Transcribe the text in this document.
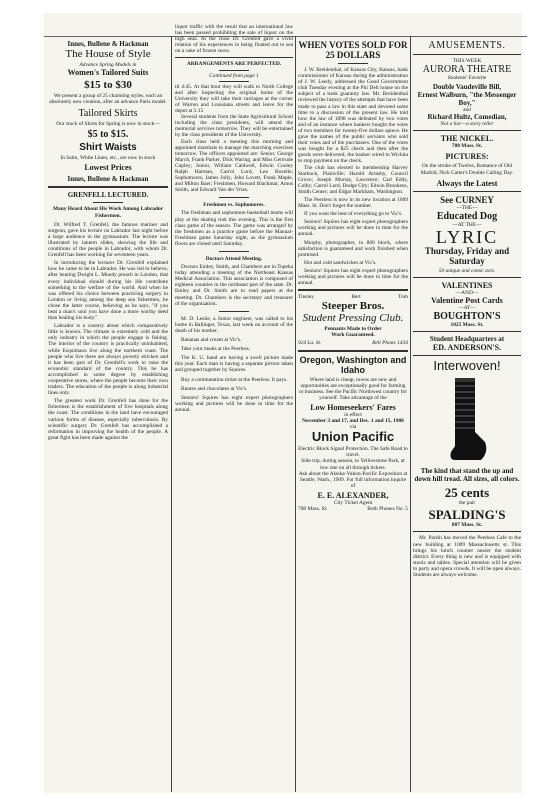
Innes, Bullene & Hackman
The House of Style
Advance Spring Models in
Women's Tailored Suits
$15 to $30

We present a group of 25 charming styles, each an absolutely new creation, after an advance Paris model.

Tailored Skirts

Our stock of Skirts for Spring is now in stock—

$5 to $15.
Shirt Waists

In Satin, White Linen, etc., are now in stock

Lowest Prices
Innes, Bullene & Hackman
GRENFELL LECTURED.
Many Heard About His Work Among Labrador Fishermen.

Dr. Wilfred T. Grenfell, the famous mariner and surgeon, gave his lecture on Labrador last night before a large audience in the gymnasium. The lecture was illustrated by lantern slides, showing the life and conditions of the people in Labrador, with whom Dr. Grenfell has been working for seventeen years.

In introducing the lecturer Dr. Grenfell explained how he came to be in Labrador. He was led to believe, after hearing Dwight L. Moody preach in London, that every individual should during his life contribute something to the welfare of the world. And when he was offered his choice between practicing surgery in London or living among the deep sea fishermen, he chose the latter course, believing as he says, "if you beat a man's soul you have done a more worthy deed than healing his body."

Labrador is a country about which comparatively little is known. The climate is extremely cold and the only industry in which the people engage is fishing. The interior of the country is practically uninhabited, while Esquimaux live along the northern coast. The people who live there are always poverty stricken and it has been part of Dr. Grenfell's work to raise the economic standard of the country. This he has accomplished in some degree by establishing cooperative stores, where the people become their own traders. The education of the people is along industrial lines only.

The greatest work Dr. Grenfell has done for the fishermen is the establishment of five hospitals along the coast. The conditions in the land have encouraged various forms of disease, especially tuberculosis. By scientific surgery Dr. Grenfell has accomplished a reformation in improving the health of the people. A great fight has been made against the

liquor traffic with the result that an international law has been passed prohibiting the sale of liquor on the high seas. At the close Dr. Grenfell gave a vivid relation of his experiences in being floated out to sea on a cake of frozen snow.

ARRANGEMENTS ARE PERFECTED.
Continued from page 1

til 4:45. At that hour they will walk to North College and after inspecting the original home of the University they will take their carriages at the corner of Warren and Louisiana streets and leave for the depot at 5:15

Several students from the State Agricultural School including the class presidents, will attend the memorial services tomorrow. They will be entertained by the class presidents of the University.

Each class held a meeting this morning and appointed marshals to manage the marching exercises tomorrow. The officers appointed are: Senior, George March, Frank Parker, Dick Waring, and Miss Gertrude Copley; Junior, William Caldwell, Edwin Cooley Ralph Harman, Carrol Lord, Leo Bozelle; Sophomores, James Jolly, John Lovett, Frank Maple, and Milton Baer; Freshmen, Howard Blackmar, Amos Smith, and Edward Van der Vries.

Freshmen vs. Sophomores.

The freshman and sophomore basketball teams will play at the skating rink this evening. This is the first class game of the season. The game was arranged by the freshmen as a practice game before the Manual-Freshman game Saturday night, as the gymnasium floors are closed until Saturday.

Doctors Attend Meeting.

Doctors Emley, Smith, and Chambers are in Topeka today attending a meeting of the Northeast Kansas Medical Association. This association is composed of eighteen counties in the northeast part of the state. Dr. Emley and Dr. Smith are to read papers at the meeting. Dr. Chambers is the secretary and treasurer of the organization.

M. D. Leslie, a Junior engineer, was called to his home in Ballinger, Texas, last week on account of the death of his mother.

Bananas and cream at Vic's.

Take your meals at the Peerless.

The K. U. band are having a swell picture made this year. Each man is having a separate picture taken and grouped together by Squires.

Buy a commutation ticket at the Peerless. It pays.

Buntes and chocolates at Vic's.

Seniors! Squires has eight expert photographers working and pictures will be done in time for the annual.

WHEN VOTES SOLD FOR 25 DOLLARS

J. W. Breidenthal, of Kansas City, Kansas, bank commissioner of Kansas during the administration of J. W. Leedy, addressed the Good Government club Tuesday evening at the Phi Delt house on the subject of a bank guaranty law. Mr. Breidenthal reviewed the history of the attempts that have been made to pass a law in this state and devoted some time to a discussion of the present law. He told how the law of 1898 was defeated by two votes and of an instance where bankers bought the votes of two members for twenty-five dollars apiece. He gave the names of the public servants who sold their votes and of the purchasers. One of the votes was bought for a $25 check and then after the goods were delivered, the banker wired to Wichita to stop payment on the check.

The club has elected to membership Harvey Starbuck, Plainville; Harold Armsby, Council Grove; Joseph Murray, Lawrence; Carl Eddy, Colby; Carrol Lord, Dodge City; Edwin Brookens, Smith Center; and Edgar Markham, Washington.

The Peerless is now in its new location at 1009 Mass. St. Don't forget the number.

If you want the best of everything go to Vic's.

Seniors! Squires has eight expert photographers working and pictures will be done in time for the annual.

Murphy, photographer, in 800 block, where satisfaction is guaranteed and work finished when promised.

Hot and cold sandwiches at Vic's.

Seniors! Squires has eight expert photographers working and pictures will be done in time for the annual.

Tinsley	Bert	Tom
Steeper Bros.
Student Pressing Club.
Pennants Made to Order
Work Guaranteed.
924 La. St.	Bell Phone 1434
Oregon, Washington and Idaho

Where land is cheap, towns are new and opportunities are exceptionally good for farming or business. See the Pacific Northwest country for yourself. Take advantage of the

Low Homeseekers' Fares
in effect
November 3 and 17, and Dec. 1 and 15, 1908
via
Union Pacific

Electric Block Signal Protection. The Safe Road to travel.

Side trip, during season, to Yellowstone Park, at low rate on all through tickets.

Ask about the Alaska-Yukon-Pacific Exposition at Seattle, Wash., 1909. For full information inquire of

E. E. ALEXANDER,
City Ticket Agent
708 Mass. St.	Both Phones No. 5
AMUSEMENTS.
THIS WEEK
AURORA THEATRE
Students' Favorite
Double Vaudeville Bill,
Ernest Walburn, "the Messenger Boy,"
and
Richard Hultz, Comedian,
Not a liar—a story teller
THE NICKEL.
708 Mass. St.
PICTURES:

On the stroke of Twelve, Romance of Old Madrid, Nick Carter's Double Calling Day.

Always the Latest
See CURNEY
—THE—
Educated Dog
—AT THE—
LYRIC
Thursday, Friday and Saturday
50 unique and comic acts.
VALENTINES
—AND—
Valentine Post Cards
—AT—
BOUGHTON'S
1025 Mass. St.
Student Headquarters at
ED. ANDERSON'S.
Interwoven!
The kind that stand the up and down hill tread. All sizes, all colors.
25 cents
the pair
SPALDING'S
807 Mass. St.

Mr. Parish has moved the Peerless Cafe to the new building at 1009 Massachusetts st. This brings his lunch counter nearer the student district. Every thing is new and is equipped with stools and tables. Special attention will be given to party and opera crowds. It will be open always. Students are always welcome.
